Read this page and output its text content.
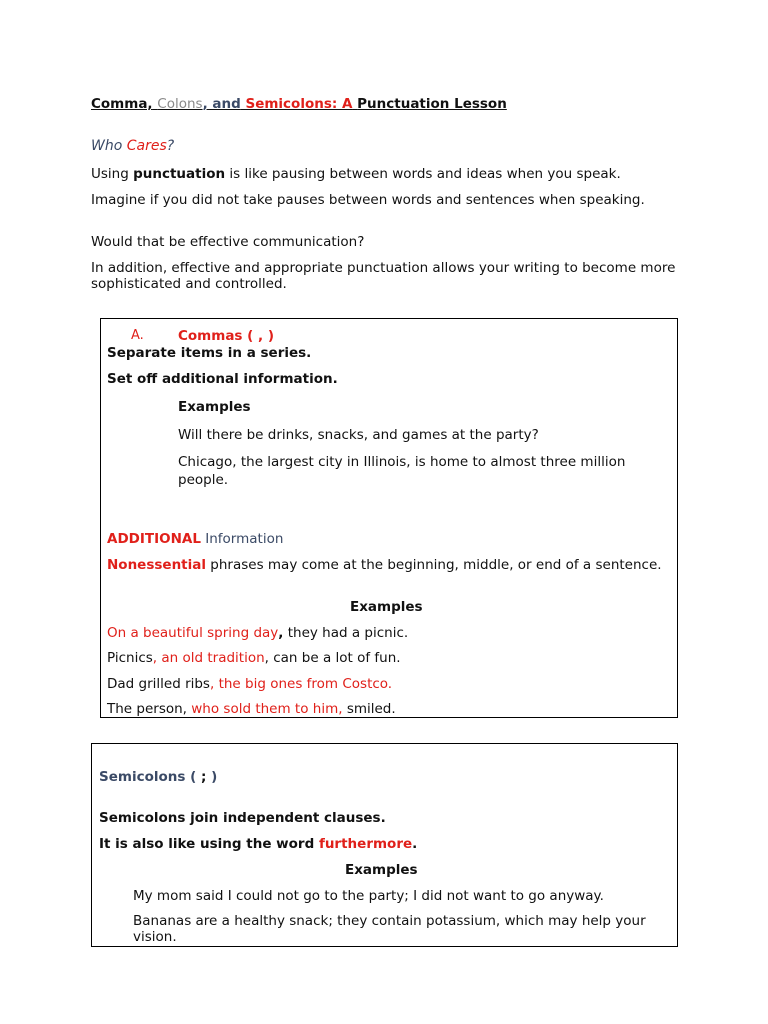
Comma, Colons, and Semicolons: A Punctuation Lesson
Who Cares?
Using punctuation is like pausing between words and ideas when you speak.
Imagine if you did not take pauses between words and sentences when speaking.
Would that be effective communication?
In addition, effective and appropriate punctuation allows your writing to become more sophisticated and controlled.
A.	Commas ( , )
Separate items in a series.
Set off additional information.
Examples
Will there be drinks, snacks, and games at the party?
Chicago, the largest city in Illinois, is home to almost three million people.
ADDITIONAL Information
Nonessential phrases may come at the beginning, middle, or end of a sentence.
Examples
On a beautiful spring day, they had a picnic.
Picnics, an old tradition, can be a lot of fun.
Dad grilled ribs, the big ones from Costco.
The person, who sold them to him, smiled.
Semicolons ( ; )
Semicolons join independent clauses.
It is also like using the word furthermore.
Examples
My mom said I could not go to the party; I did not want to go anyway.
Bananas are a healthy snack; they contain potassium, which may help your vision.
